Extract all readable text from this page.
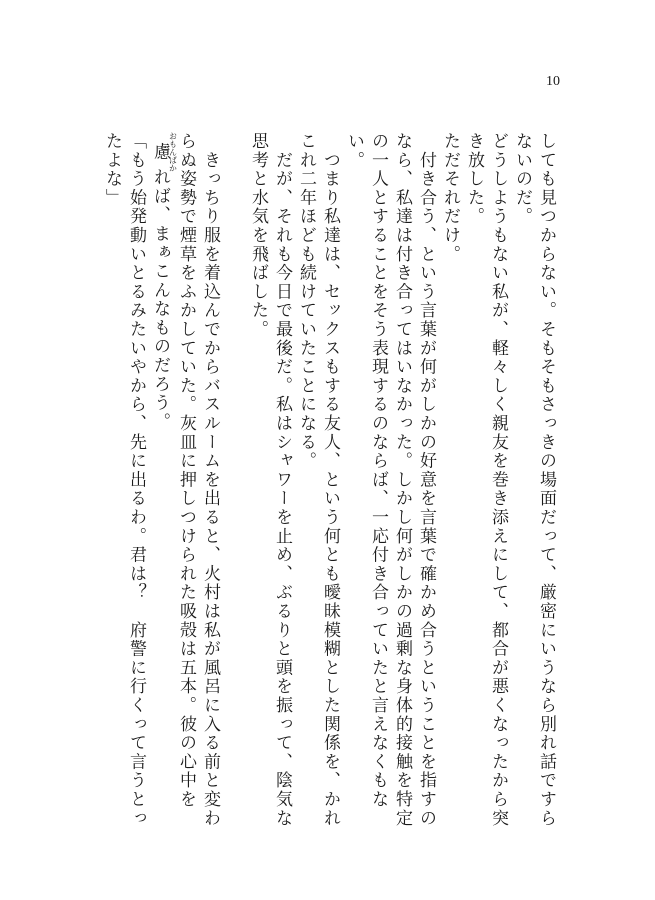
10
しても見つからない。そもそもさっきの場面だって、厳密にいうなら別れ話ですらないのだ。
どうしようもない私が、軽々しく親友を巻き添えにして、都合が悪くなったから突き放した。
ただそれだけ。
　付き合う、という言葉が何がしかの好意を言葉で確かめ合うということを指すのなら、私達は付き合ってはいなかった。しかし何がしかの過剰な身体的接触を特定の一人とすることをそう表現するのならば、一応付き合っていたと言えなくもない。
　つまり私達は、セックスもする友人、という何とも曖昧模糊とした関係を、かれこれ二年ほども続けていたことになる。
　だが、それも今日で最後だ。私はシャワーを止め、ぶるりと頭を振って、陰気な思考と水気を飛ばした。
　きっちり服を着込んでからバスルームを出ると、火村は私が風呂に入る前と変わらぬ姿勢で煙草をふかしていた。灰皿に押しつけられた吸殻は五本。彼の心中を慮おもんばかれば、まぁこんなものだろう。
「もう始発動いとるみたいやから、先に出るわ。君は？　府警に行くって言うとったよな」
